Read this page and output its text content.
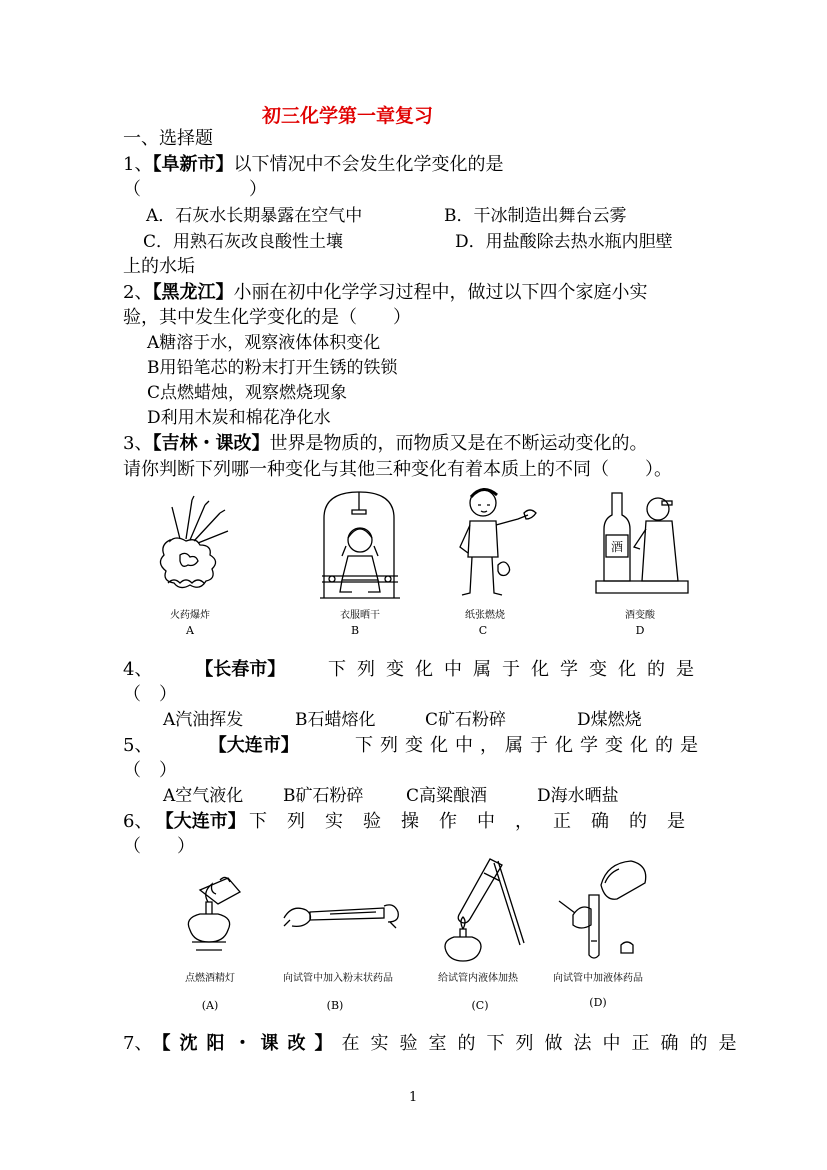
初三化学第一章复习
一、选择题
1、【阜新市】以下情况中不会发生化学变化的是
（　　　　　　）
A．石灰水长期暴露在空气中	B．干冰制造出舞台云雾
C．用熟石灰改良酸性土壤	D．用盐酸除去热水瓶内胆壁
上的水垢
2、【黑龙江】小丽在初中化学学习过程中，做过以下四个家庭小实
验，其中发生化学变化的是（　　）
A糖溶于水，观察液体体积变化
B用铅笔芯的粉末打开生锈的铁锁
C点燃蜡烛，观察燃烧现象
D利用木炭和棉花净化水
3、【吉林・课改】世界是物质的，而物质又是在不断运动变化的。
请你判断下列哪一种变化与其他三种变化有着本质上的不同（　　）。
火药爆炸
A
衣服晒干
B
纸张燃烧
C
酒
酒变酸
D
4、 【长春市】 下列变化中属于化学变化的是
（　）
A汽油挥发	B石蜡熔化	C矿石粉碎	D煤燃烧
5、	【大连市】	下列变化中，属于化学变化的是
（　）
A空气液化 B矿石粉碎	C高粱酿酒	D海水晒盐
6、 【大连市】 下列实验操作中，正确的是
（　　）
点燃酒精灯
(A)
向试管中加入粉末状药品
(B)
给试管内液体加热
(C)
向试管中加液体药品
(D)
7、 【沈阳・课改】 在实验室的下列做法中正确的是
1
